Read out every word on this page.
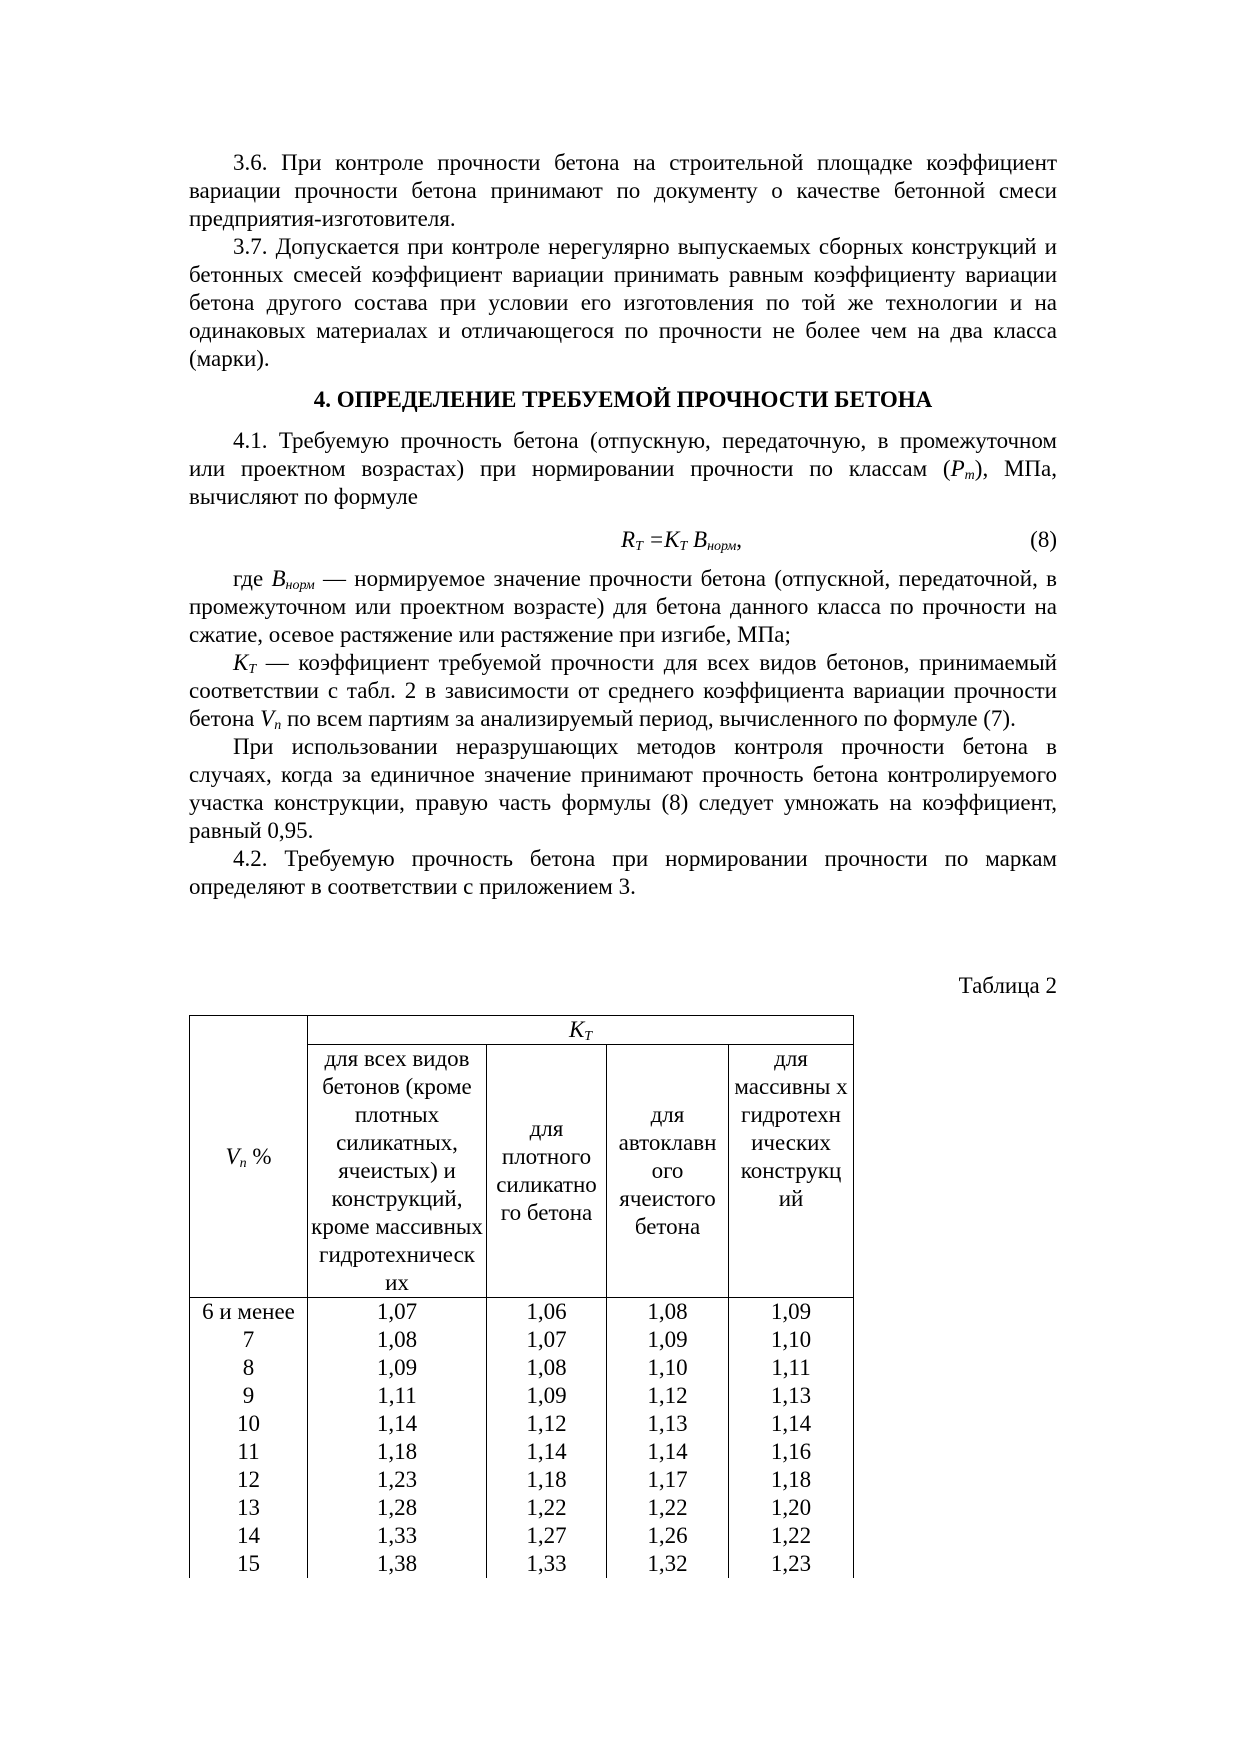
3.6. При контроле прочности бетона на строительной площадке коэффициент вариации прочности бетона принимают по документу о качестве бетонной смеси предприятия-изготовителя.

3.7. Допускается при контроле нерегулярно выпускаемых сборных конструкций и бетонных смесей коэффициент вариации принимать равным коэффициенту вариации бетона другого состава при условии его изготовления по той же технологии и на одинаковых материалах и отличающегося по прочности не более чем на два класса (марки).

4. ОПРЕДЕЛЕНИЕ ТРЕБУЕМОЙ ПРОЧНОСТИ БЕТОНА

4.1. Требуемую прочность бетона (отпускную, передаточную, в промежуточном или проектном возрастах) при нормировании прочности по классам $(P_т)$, МПа, вычисляют по формуле

$R_Т =K_Т$ $B_{норм}$,	(8)

где $B_{норм}$ — нормируемое значение прочности бетона (отпускной, передаточной, в промежуточном или проектном возрасте) для бетона данного класса по прочности на сжатие, осевое растяжение или растяжение при изгибе, МПа;

$K_Т$ — коэффициент требуемой прочности для всех видов бетонов, принимаемый соответствии с табл. 2 в зависимости от среднего коэффициента вариации прочности бетона $V_n$ по всем партиям за анализируемый период, вычисленного по формуле (7).

При использовании неразрушающих методов контроля прочности бетона в случаях, когда за единичное значение принимают прочность бетона контролируемого участка конструкции, правую часть формулы (8) следует умножать на коэффициент, равный 0,95.

4.2. Требуемую прочность бетона при нормировании прочности по маркам определяют в соответствии с приложением 3.

Таблица 2
$V_n$ %	$K_Т$
	для всех видов бетонов (кроме плотных силикатных, ячеистых) и конструкций, кроме массивных гидротехническ их	для плотного силикатно го бетона	для автоклавн ого ячеистого бетона	для массивны х гидротехн ических конструкц ий
6 и менее	1,07	1,06	1,08	1,09
7	1,08	1,07	1,09	1,10
8	1,09	1,08	1,10	1,11
9	1,11	1,09	1,12	1,13
10	1,14	1,12	1,13	1,14
11	1,18	1,14	1,14	1,16
12	1,23	1,18	1,17	1,18
13	1,28	1,22	1,22	1,20
14	1,33	1,27	1,26	1,22
15	1,38	1,33	1,32	1,23
